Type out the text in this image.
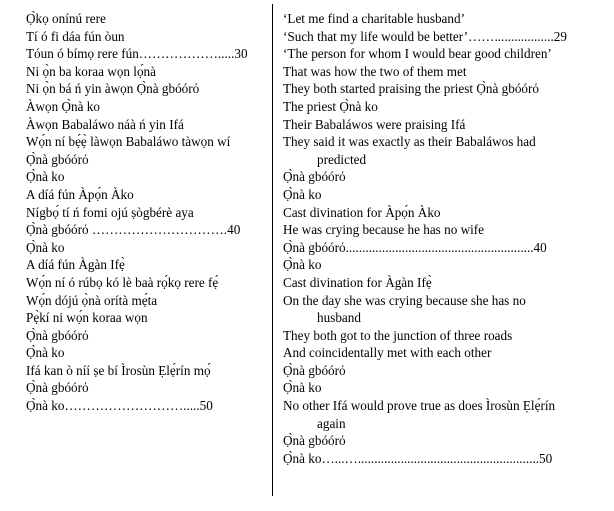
Ọ̀kọ onínú rere
Tí ó fi dáa fún òun
Tóun ó bímọ rere fún……………….....30
Ni ọ̀n ba koraa wọn lọ́nà
Ni ọ̀n bá ń yin àwọn Ọ̀nà gbóórό
Àwọn Ọ̀nà ko
Àwọn Babaláwo náà ń yin Ifá
Wọ́n ní bẹ́ẹ̀ làwọn Babaláwo tàwọn wí
Ọ̀nà gbóórό
Ọ̀nà ko
A díá fún Àpọ́n Àko
Nígbọ́ tí ń fomi ojú ṣògbérè aya
Ọ̀nà gbóórό ………………………….40
Ọ̀nà ko
A díá fún Àgàn Ifẹ̀
Wọ́n ní ó rúbọ kó lè baà rọ́kọ rere fẹ́
Wọ́n dójú ọ̀nà orítà mẹ́ta
Pẹ̀kí ni wọ́n koraa wọn
Ọ̀nà gbóórό
Ọ̀nà ko
Ifá kan ò níí ṣe bí Ìrosùn Ẹlẹ́rín mọ́
Ọ̀nà gbóórό
Ọ̀nà ko……………………….....50
‘Let me find a charitable husband’
‘Such that my life would be better’……..................29
‘The person for whom I would bear good children’
That was how the two of them met
They both started praising the priest Ọ̀nà gbóórό
The priest Ọ̀nà ko
Their Babaláwos were praising Ifá
They said it was exactly as their Babaláwos had
predicted
Ọ̀nà gbóórό
Ọ̀nà ko
Cast divination for Àpọ́n Àko
He was crying because he has no wife
Ọ̀nà gbóórό.........................................................40
Ọ̀nà ko
Cast divination for Àgàn Ifẹ̀
On the day she was crying because she has no
husband
They both got to the junction of three roads
And coincidentally met with each other
Ọ̀nà gbóórό
Ọ̀nà ko
No other Ifá would prove true as does Ìrosùn Ẹlẹ́rín
again
Ọ̀nà gbóórό
Ọ̀nà ko…...….......................................................50
